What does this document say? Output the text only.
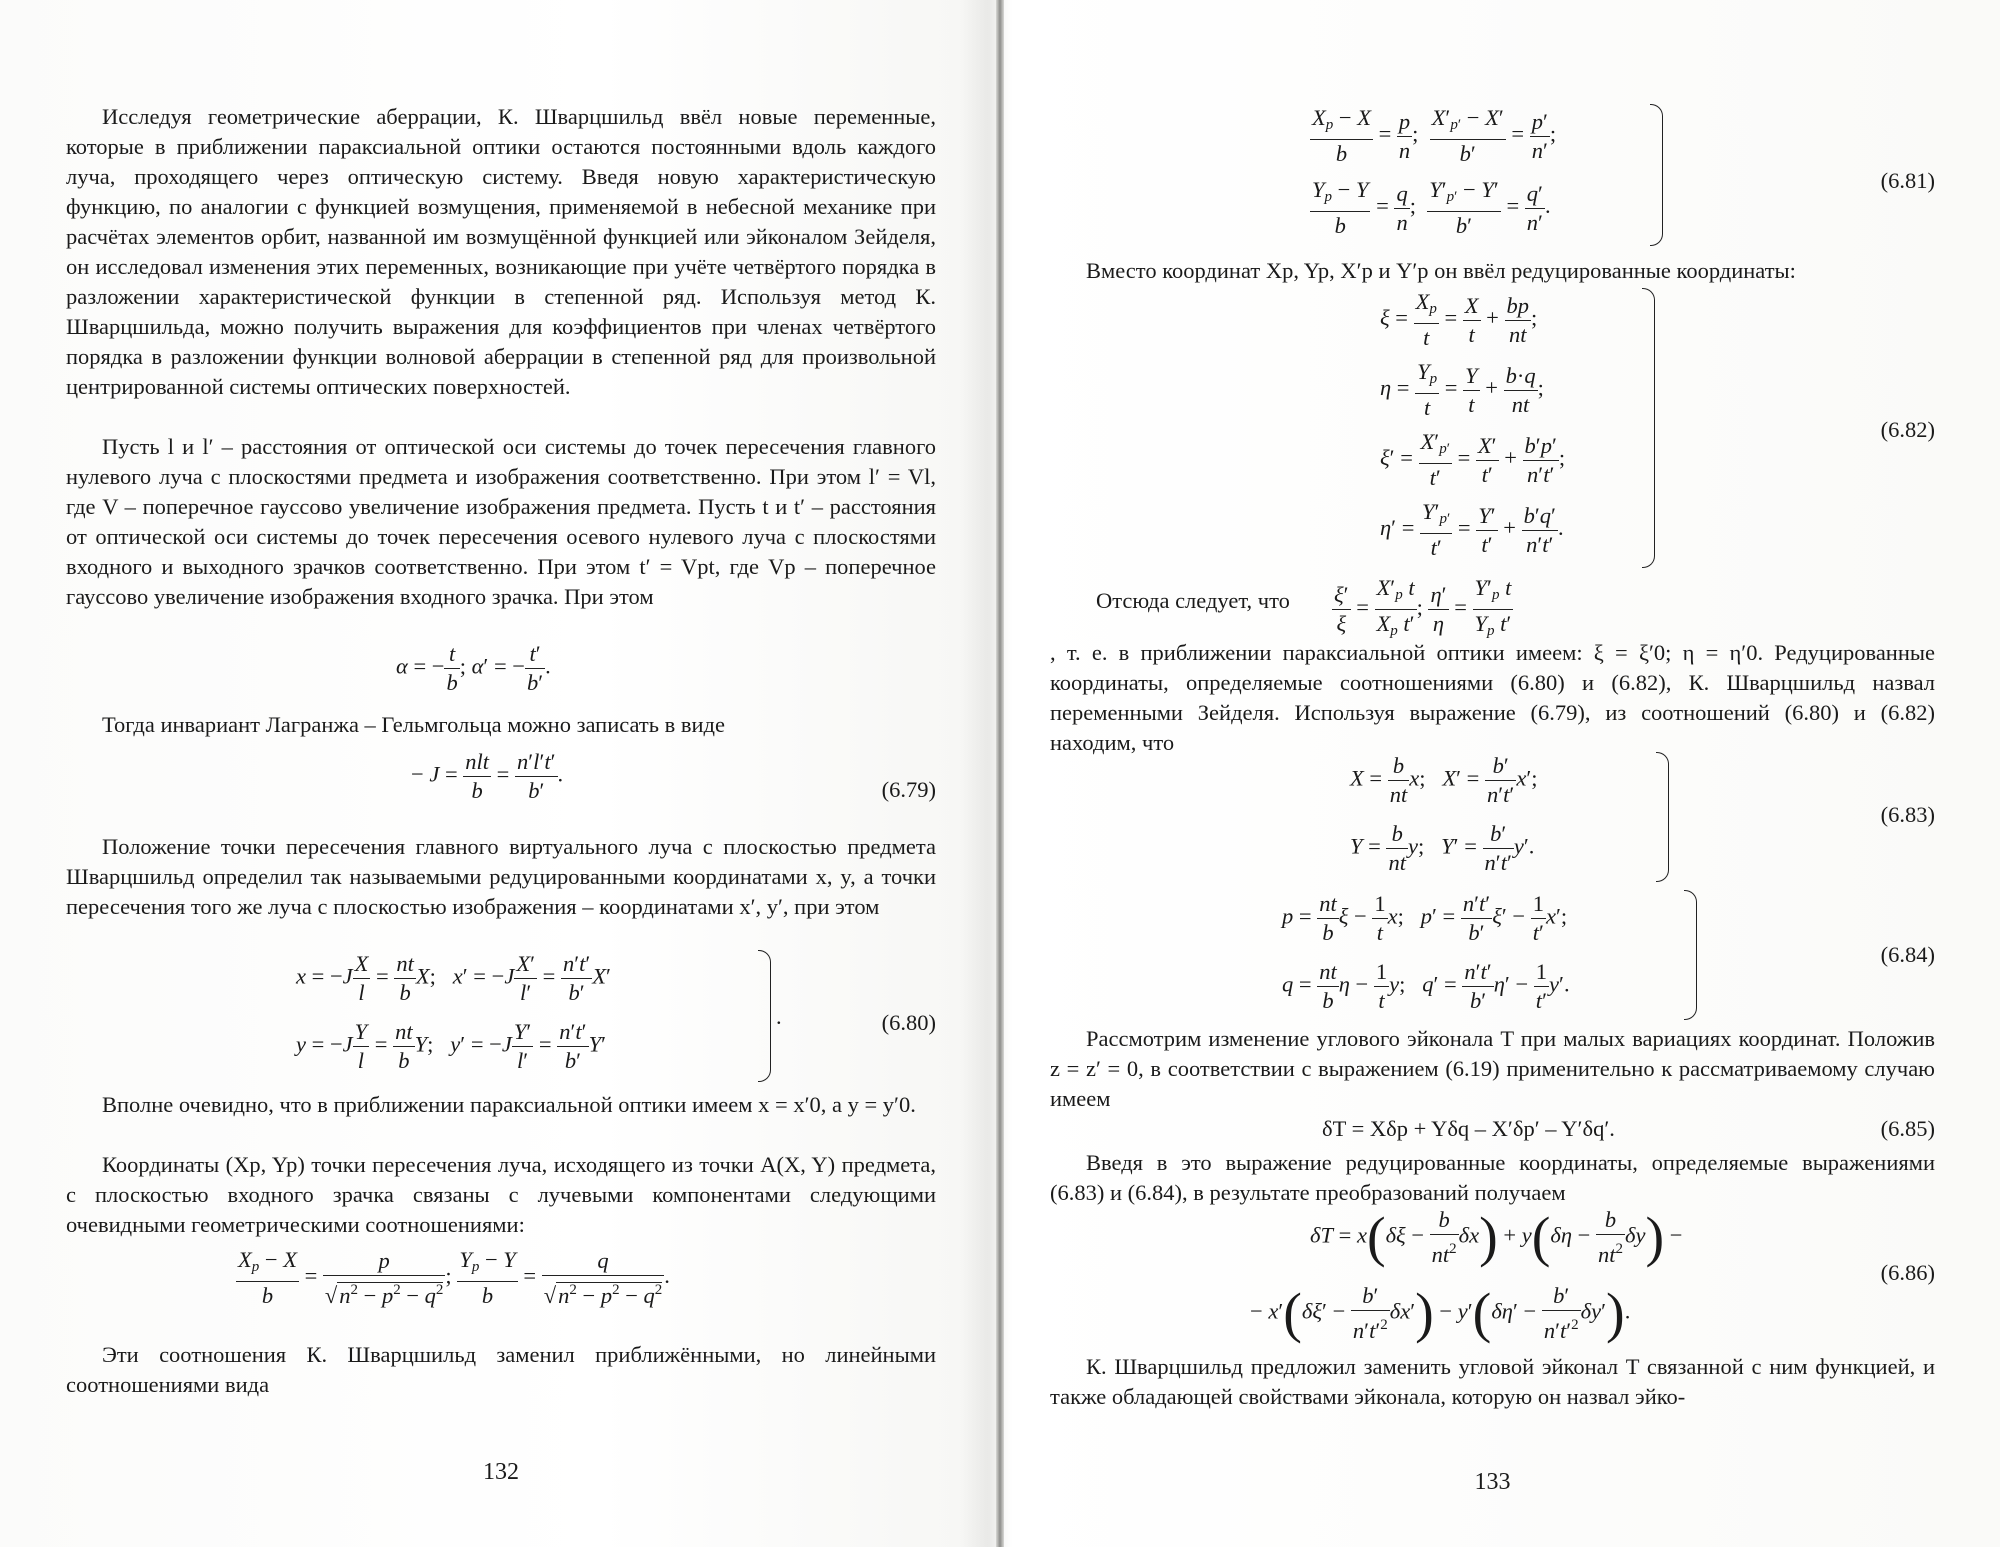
Исследуя геометрические аберрации, К. Шварцшильд ввёл новые переменные, которые в приближении параксиальной оптики остаются постоянными вдоль каждого луча, проходящего через оптическую систему. Введя новую характеристическую функцию, по аналогии с функцией возмущения, применяемой в небесной механике при расчётах элементов орбит, названной им возмущённой функцией или эйконалом Зейделя, он исследовал изменения этих переменных, возникающие при учёте четвёртого порядка в разложении характеристической функции в степенной ряд. Используя метод К. Шварцшильда, можно получить выражения для коэффициентов при членах четвёртого порядка в разложении функции волновой аберрации в степенной ряд для произвольной центрированной системы оптических поверхностей.

Пусть l и l′ – расстояния от оптической оси системы до точек пересечения главного нулевого луча с плоскостями предмета и изображения соответственно. При этом l′ = Vl, где V – поперечное гауссово увеличение изображения предмета. Пусть t и t′ – расстояния от оптической оси системы до точек пересечения осевого нулевого луча с плоскостями входного и выходного зрачков соответственно. При этом t′ = Vpt, где Vp – поперечное гауссово увеличение изображения входного зрачка. При этом

α = − $\frac{t}{b}$ ; α′ = − $\frac{t'}{b'}$ .

Тогда инвариант Лагранжа – Гельмгольца можно записать в виде

− $J = \frac{\text{nlt}}{b} = \frac{n'l't'}{b'}$ .
(6.79)

Положение точки пересечения главного виртуального луча с плоскостью предмета Шварцшильд определил так называемыми редуцированными координатами x, y, а точки пересечения того же луча с плоскостью изображения – координатами x′, y′, при этом

$x = -J \frac{X}{l} = \frac{nt}{b} X$;   $x' = -J \frac{X'}{l'} = \frac{n't'}{b'} X'$
$y = -J \frac{Y}{l} = \frac{nt}{b} Y$;   $y' = -J \frac{Y'}{l'} = \frac{n't'}{b'} Y'$
.	(6.80)

Вполне очевидно, что в приближении параксиальной оптики имеем x = x′0, a y = y′0.

Координаты (Xp, Yp) точки пересечения луча, исходящего из точки A(X, Y) предмета, с плоскостью входного зрачка связаны с лучевыми компонентами следующими очевидными геометрическими соотношениями:

$\frac{X_p - X}{b} = \frac{p}{√n^2 - p^2 - q^2}$ ; $\frac{Y_p - Y}{b} = \frac{q}{√n^2 - p^2 - q^2}$ .

Эти соотношения К. Шварцшильд заменил приближёнными, но линейными соотношениями вида

132
$\frac{X_p - X}{b} = \frac{p}{n}$ ; $\frac{X'_{p'} - X'}{b'} = \frac{p'}{n'}$ ;
$\frac{Y_p - Y}{b} = \frac{q}{n}$ ; $\frac{Y'_{p'} - Y'}{b'} = \frac{q'}{n'}$ .
(6.81)

Вместо координат Xp, Yp, X′p и Y′p он ввёл редуцированные координаты:

$\xi = \frac{X_p}{t} = \frac{X}{t} + \frac{bp}{nt}$ ;
$\eta = \frac{Y_p}{t} = \frac{Y}{t} + \frac{b\cdot q}{nt}$ ;
$\xi' = \frac{X'_{p'}}{t'} = \frac{X'}{t'} + \frac{b'p'}{n't'}$ ;
$\eta' = \frac{Y'_{p'}}{t'} = \frac{Y'}{t'} + \frac{b'q'}{n't'}$ .
(6.82)
Отсюда следует, что $\frac{\xi'}{\xi} = \frac{X'_p t}{X_p t'}$ ; $\frac{\eta'}{\eta} = \frac{Y'_p t}{Y_p t'}$

, т. е. в приближении параксиальной оптики имеем: ξ = ξ′0; η = η′0. Редуцированные координаты, определяемые соотношениями (6.80) и (6.82), К. Шварцшильд назвал переменными Зейделя. Используя выражение (6.79), из соотношений (6.80) и (6.82) находим, что

$X = \frac{b}{nt} x$;   $X' = \frac{b'}{n't'} x'$;
$Y = \frac{b}{nt} y$;   $Y' = \frac{b'}{n't'} y'$.
(6.83)
$p = \frac{nt}{b}$ $\xi - \frac{1}{t} x$;   $p' = \frac{n't'}{b'} \xi' - \frac{1}{t'} x'$;
$q = \frac{nt}{b}$ $\eta - \frac{1}{t} y$;   $q' = \frac{n't'}{b'} \eta' - \frac{1}{t'} y'$.
(6.84)

Рассмотрим изменение углового эйконала T при малых вариациях координат. Положив z = z′ = 0, в соответствии с выражением (6.19) применительно к рассматриваемому случаю имеем

δT = Xδp + Yδq – X′δp′ – Y′δq′.	(6.85)

Введя в это выражение редуцированные координаты, определяемые выражениями (6.83) и (6.84), в результате преобразований получаем

$\delta T = x(\delta\xi - \frac{b}{nt^2} \delta x) + y(\delta\eta - \frac{b}{nt^2} \delta y)$ −
− $x'(\delta\xi' - \frac{b'}{n't'^2} \delta x') - y'(\delta\eta' - \frac{b'}{n't'^2} \delta y')$.
(6.86)

К. Шварцшильд предложил заменить угловой эйконал T связанной с ним функцией, и также обладающей свойствами эйконала, которую он назвал эйко-

133
